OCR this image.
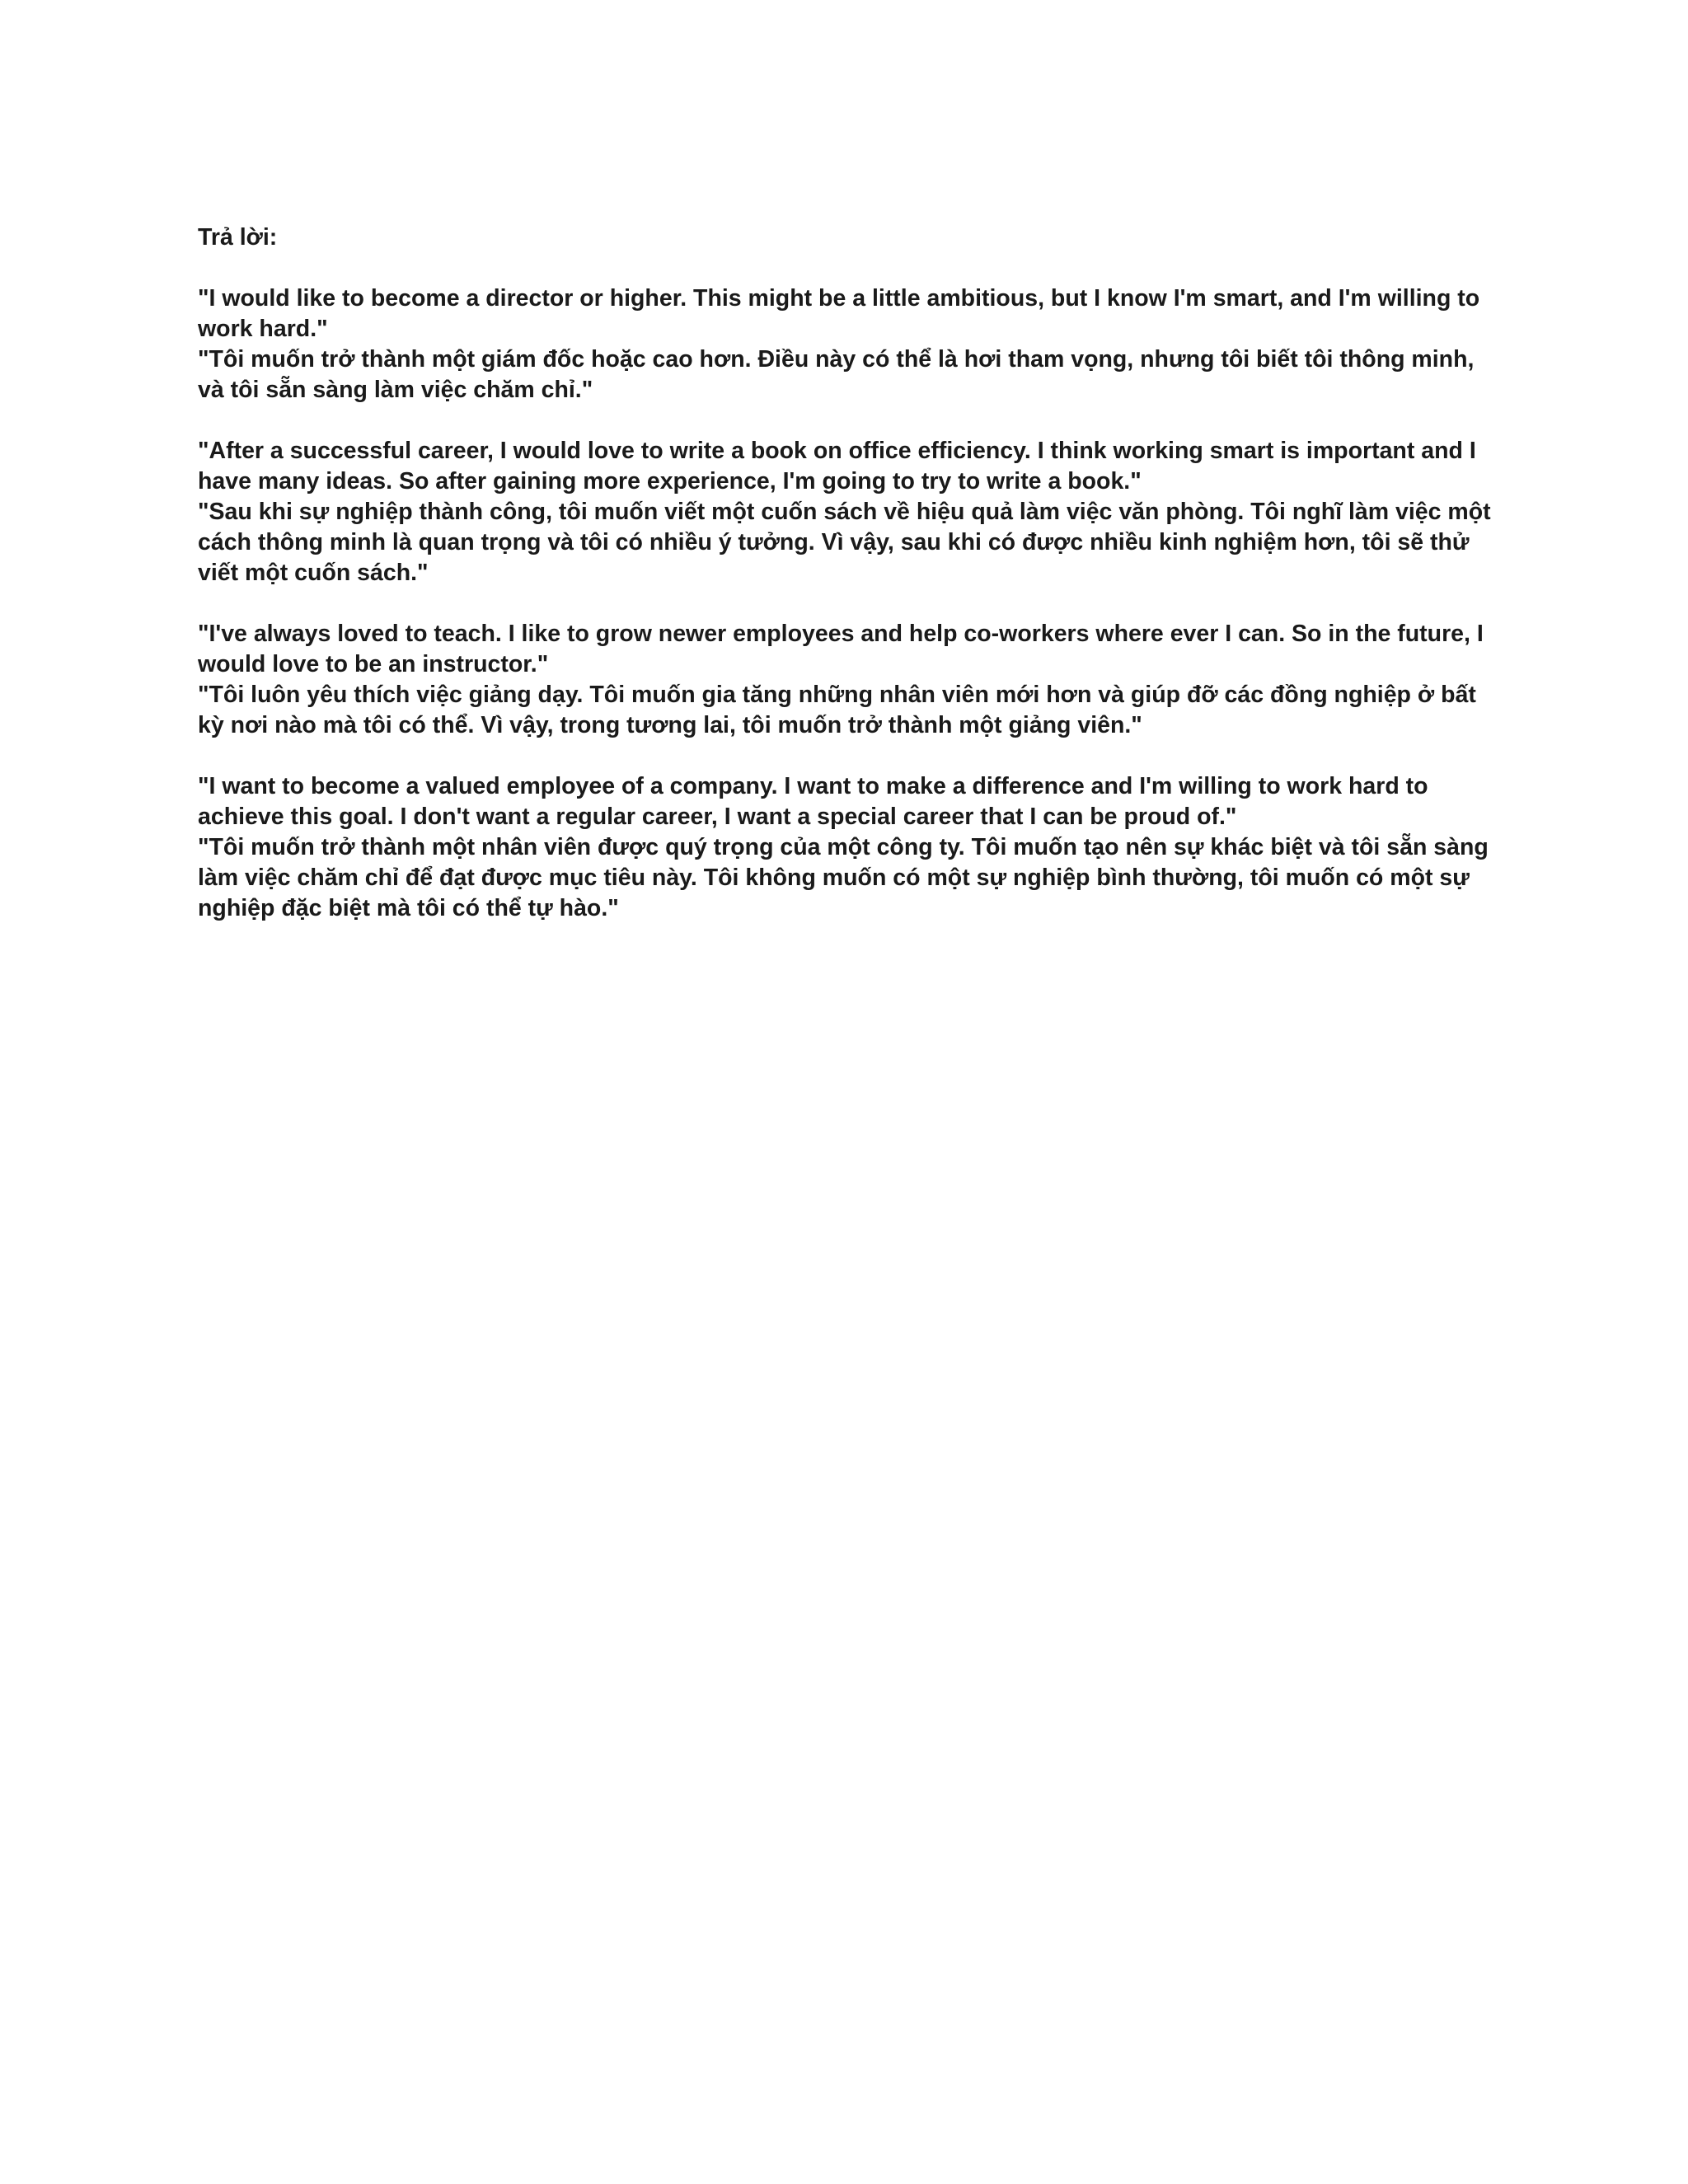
Trả lời:

"I would like to become a director or higher. This might be a little ambitious, but I know I'm smart, and I'm willing to work hard."

"Tôi muốn trở thành một giám đốc hoặc cao hơn. Điều này có thể là hơi tham vọng, nhưng tôi biết tôi thông minh, và tôi sẵn sàng làm việc chăm chỉ."

"After a successful career, I would love to write a book on office efficiency. I think working smart is important and I have many ideas. So after gaining more experience, I'm going to try to write a book."

"Sau khi sự nghiệp thành công, tôi muốn viết một cuốn sách về hiệu quả làm việc văn phòng. Tôi nghĩ làm việc một cách thông minh là quan trọng và tôi có nhiều ý tưởng. Vì vậy, sau khi có được nhiều kinh nghiệm hơn, tôi sẽ thử viết một cuốn sách."

"I've always loved to teach. I like to grow newer employees and help co-workers where ever I can. So in the future, I would love to be an instructor."

"Tôi luôn yêu thích việc giảng dạy. Tôi muốn gia tăng những nhân viên mới hơn và giúp đỡ các đồng nghiệp ở bất kỳ nơi nào mà tôi có thể. Vì vậy, trong tương lai, tôi muốn trở thành một giảng viên."

"I want to become a valued employee of a company. I want to make a difference and I'm willing to work hard to achieve this goal. I don't want a regular career, I want a special career that I can be proud of."

"Tôi muốn trở thành một nhân viên được quý trọng của một công ty. Tôi muốn tạo nên sự khác biệt và tôi sẵn sàng làm việc chăm chỉ để đạt được mục tiêu này. Tôi không muốn có một sự nghiệp bình thường, tôi muốn có một sự nghiệp đặc biệt mà tôi có thể tự hào."
